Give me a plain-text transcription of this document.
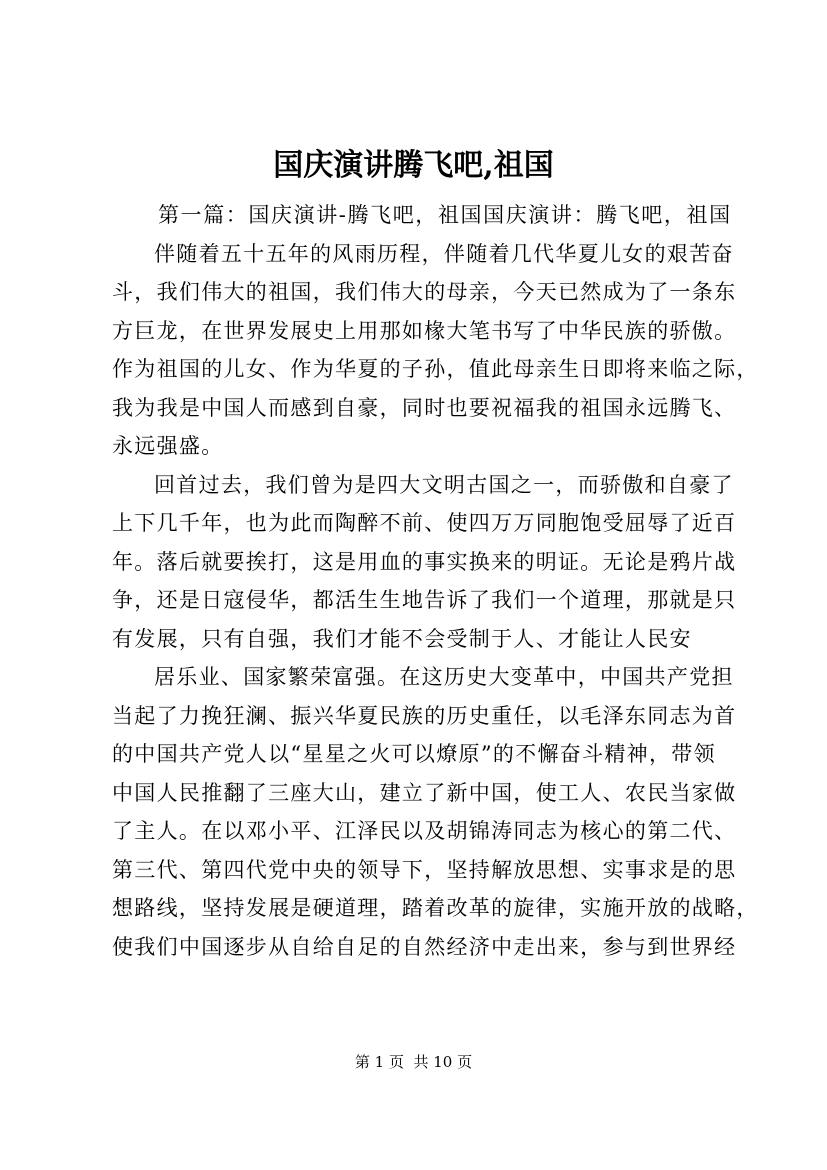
国庆演讲腾飞吧,祖国
第一篇：国庆演讲-腾飞吧，祖国国庆演讲：腾飞吧，祖国
伴随着五十五年的风雨历程，伴随着几代华夏儿女的艰苦奋
斗，我们伟大的祖国，我们伟大的母亲，今天已然成为了一条东
方巨龙，在世界发展史上用那如椽大笔书写了中华民族的骄傲。
作为祖国的儿女、作为华夏的子孙，值此母亲生日即将来临之际，
我为我是中国人而感到自豪，同时也要祝福我的祖国永远腾飞、
永远强盛。
回首过去，我们曾为是四大文明古国之一，而骄傲和自豪了
上下几千年，也为此而陶醉不前、使四万万同胞饱受屈辱了近百
年。落后就要挨打，这是用血的事实换来的明证。无论是鸦片战
争，还是日寇侵华，都活生生地告诉了我们一个道理，那就是只
有发展，只有自强，我们才能不会受制于人、才能让人民安
居乐业、国家繁荣富强。在这历史大变革中，中国共产党担
当起了力挽狂澜、振兴华夏民族的历史重任，以毛泽东同志为首
的中国共产党人以“星星之火可以燎原”的不懈奋斗精神，带领
中国人民推翻了三座大山，建立了新中国，使工人、农民当家做
了主人。在以邓小平、江泽民以及胡锦涛同志为核心的第二代、
第三代、第四代党中央的领导下，坚持解放思想、实事求是的思
想路线，坚持发展是硬道理，踏着改革的旋律，实施开放的战略，
使我们中国逐步从自给自足的自然经济中走出来，参与到世界经
第 1 页  共 10 页
